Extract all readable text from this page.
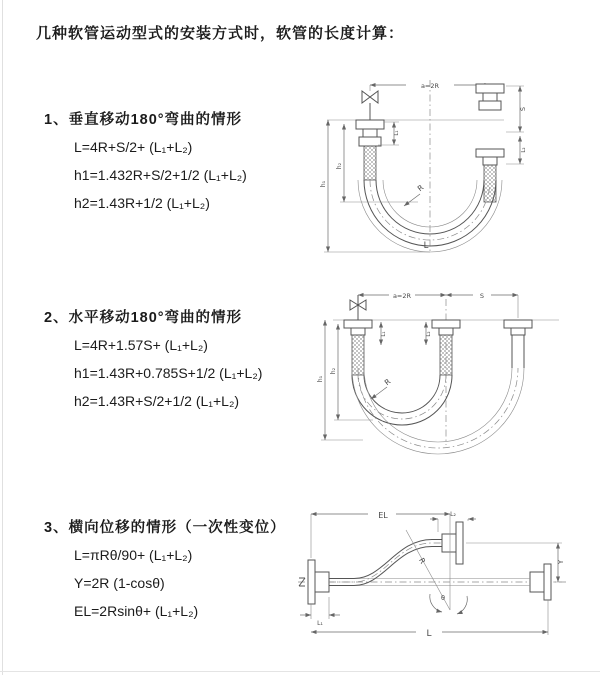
几种软管运动型式的安装方式时，软管的长度计算：
1、垂直移动180°弯曲的情形
L=4R+S/2+ (L₁+L₂)
h1=1.432R+S/2+1/2 (L₁+L₂)
h2=1.43R+1/2 (L₁+L₂)
a=2R
h₁
h₂
L₁
S
L₂
R
L
2、水平移动180°弯曲的情形
L=4R+1.57S+ (L₁+L₂)
h1=1.43R+0.785S+1/2 (L₁+L₂)
h2=1.43R+S/2+1/2 (L₁+L₂)
a=2R	S
h₁
h₂
L₁	L₂
R
3、横向位移的情形（一次性变位）
L=πRθ/90+ (L₁+L₂)
Y=2R (1-cosθ)
EL=2Rsinθ+ (L₁+L₂)
EL	L₂
Y
R
θ
L₁
L
